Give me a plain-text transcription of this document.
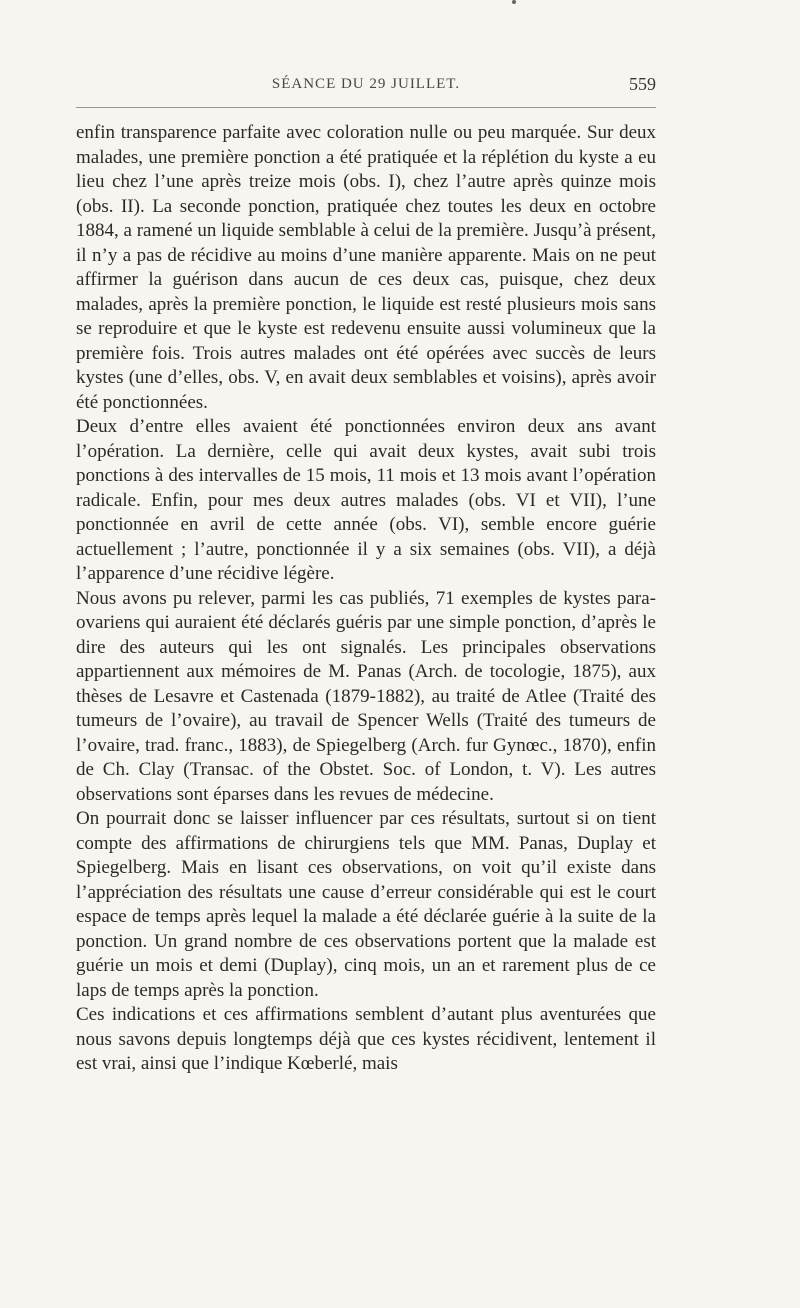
SÉANCE DU 29 JUILLET.	559

enfin transparence parfaite avec coloration nulle ou peu marquée. Sur deux malades, une première ponction a été pratiquée et la réplétion du kyste a eu lieu chez l’une après treize mois (obs. I), chez l’autre après quinze mois (obs. II). La seconde ponction, pratiquée chez toutes les deux en octobre 1884, a ramené un liquide semblable à celui de la première. Jusqu’à présent, il n’y a pas de récidive au moins d’une manière apparente. Mais on ne peut affirmer la guérison dans aucun de ces deux cas, puisque, chez deux malades, après la première ponction, le liquide est resté plusieurs mois sans se reproduire et que le kyste est redevenu ensuite aussi volumineux que la première fois. Trois autres malades ont été opérées avec succès de leurs kystes (une d’elles, obs. V, en avait deux semblables et voisins), après avoir été ponctionnées.

Deux d’entre elles avaient été ponctionnées environ deux ans avant l’opération. La dernière, celle qui avait deux kystes, avait subi trois ponctions à des intervalles de 15 mois, 11 mois et 13 mois avant l’opération radicale. Enfin, pour mes deux autres malades (obs. VI et VII), l’une ponctionnée en avril de cette année (obs. VI), semble encore guérie actuellement ; l’autre, ponctionnée il y a six semaines (obs. VII), a déjà l’apparence d’une récidive légère.

Nous avons pu relever, parmi les cas publiés, 71 exemples de kystes para-ovariens qui auraient été déclarés guéris par une simple ponction, d’après le dire des auteurs qui les ont signalés. Les principales observations appartiennent aux mémoires de M. Panas (Arch. de tocologie, 1875), aux thèses de Lesavre et Castenada (1879-1882), au traité de Atlee (Traité des tumeurs de l’ovaire), au travail de Spencer Wells (Traité des tumeurs de l’ovaire, trad. franc., 1883), de Spiegelberg (Arch. fur Gynœc., 1870), enfin de Ch. Clay (Transac. of the Obstet. Soc. of London, t. V). Les autres observations sont éparses dans les revues de médecine.

On pourrait donc se laisser influencer par ces résultats, surtout si on tient compte des affirmations de chirurgiens tels que MM. Panas, Duplay et Spiegelberg. Mais en lisant ces observations, on voit qu’il existe dans l’appréciation des résultats une cause d’erreur considérable qui est le court espace de temps après lequel la malade a été déclarée guérie à la suite de la ponction. Un grand nombre de ces observations portent que la malade est guérie un mois et demi (Duplay), cinq mois, un an et rarement plus de ce laps de temps après la ponction.

Ces indications et ces affirmations semblent d’autant plus aventurées que nous savons depuis longtemps déjà que ces kystes récidivent, lentement il est vrai, ainsi que l’indique Kœberlé, mais
